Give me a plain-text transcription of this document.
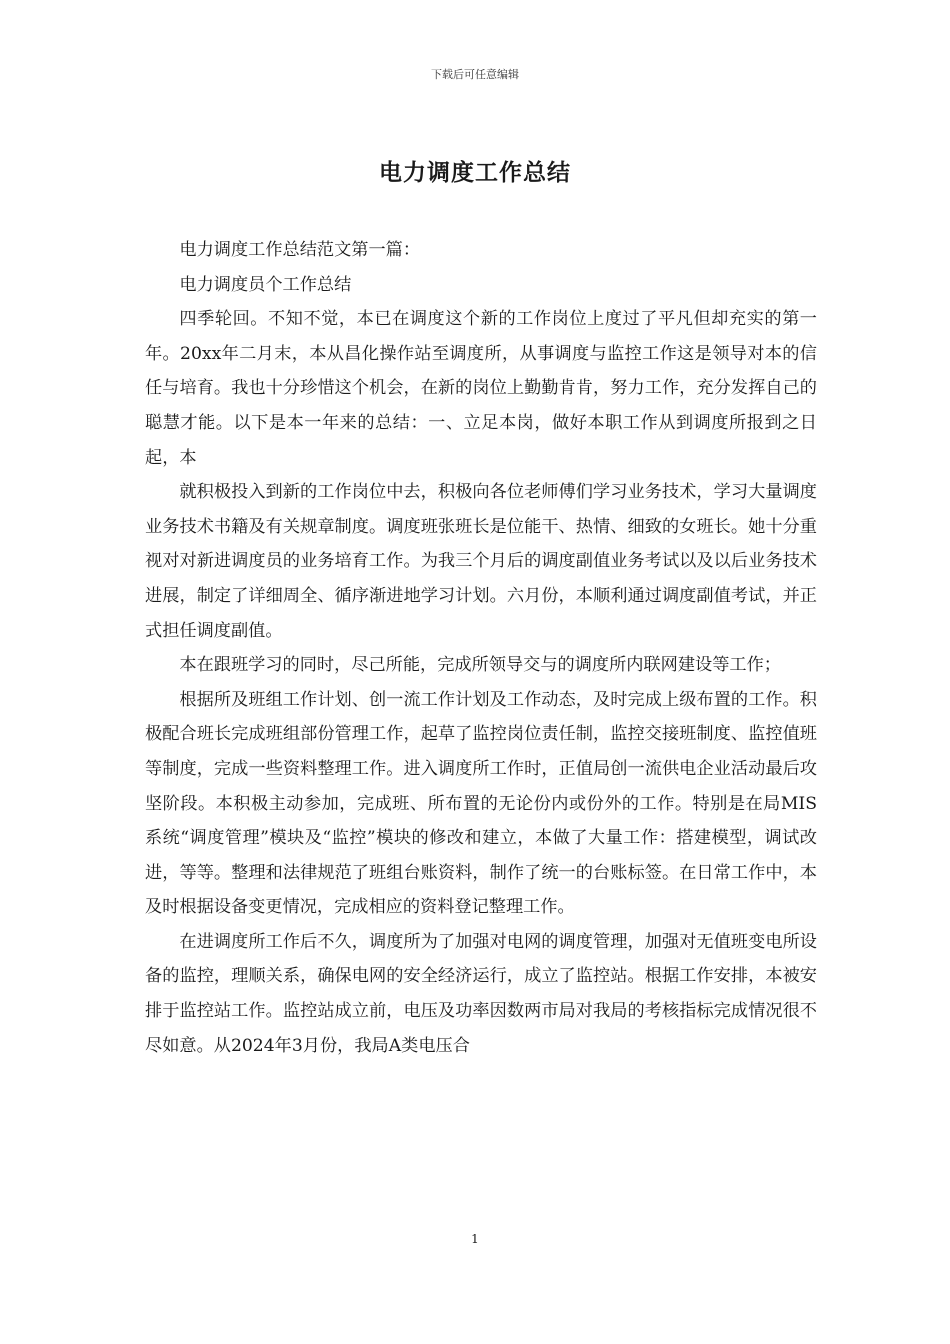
下载后可任意编辑
电力调度工作总结

电力调度工作总结范文第一篇：

电力调度员个工作总结

四季轮回。不知不觉，本已在调度这个新的工作岗位上度过了平凡但却充实的第一年。20xx年二月末，本从昌化操作站至调度所，从事调度与监控工作这是领导对本的信任与培育。我也十分珍惜这个机会，在新的岗位上勤勤肯肯，努力工作，充分发挥自己的聪慧才能。以下是本一年来的总结：一、立足本岗，做好本职工作从到调度所报到之日起，本

就积极投入到新的工作岗位中去，积极向各位老师傅们学习业务技术，学习大量调度业务技术书籍及有关规章制度。调度班张班长是位能干、热情、细致的女班长。她十分重视对对新进调度员的业务培育工作。为我三个月后的调度副值业务考试以及以后业务技术进展，制定了详细周全、循序渐进地学习计划。六月份，本顺利通过调度副值考试，并正式担任调度副值。

本在跟班学习的同时，尽己所能，完成所领导交与的调度所内联网建设等工作；

根据所及班组工作计划、创一流工作计划及工作动态，及时完成上级布置的工作。积极配合班长完成班组部份管理工作，起草了监控岗位责任制，监控交接班制度、监控值班等制度，完成一些资料整理工作。进入调度所工作时，正值局创一流供电企业活动最后攻坚阶段。本积极主动参加，完成班、所布置的无论份内或份外的工作。特别是在局MIS系统“调度管理”模块及“监控”模块的修改和建立，本做了大量工作：搭建模型，调试改进，等等。整理和法律规范了班组台账资料，制作了统一的台账标签。在日常工作中，本及时根据设备变更情况，完成相应的资料登记整理工作。

在进调度所工作后不久，调度所为了加强对电网的调度管理，加强对无值班变电所设备的监控，理顺关系，确保电网的安全经济运行，成立了监控站。根据工作安排，本被安排于监控站工作。监控站成立前，电压及功率因数两市局对我局的考核指标完成情况很不尽如意。从2024年3月份，我局A类电压合

1
